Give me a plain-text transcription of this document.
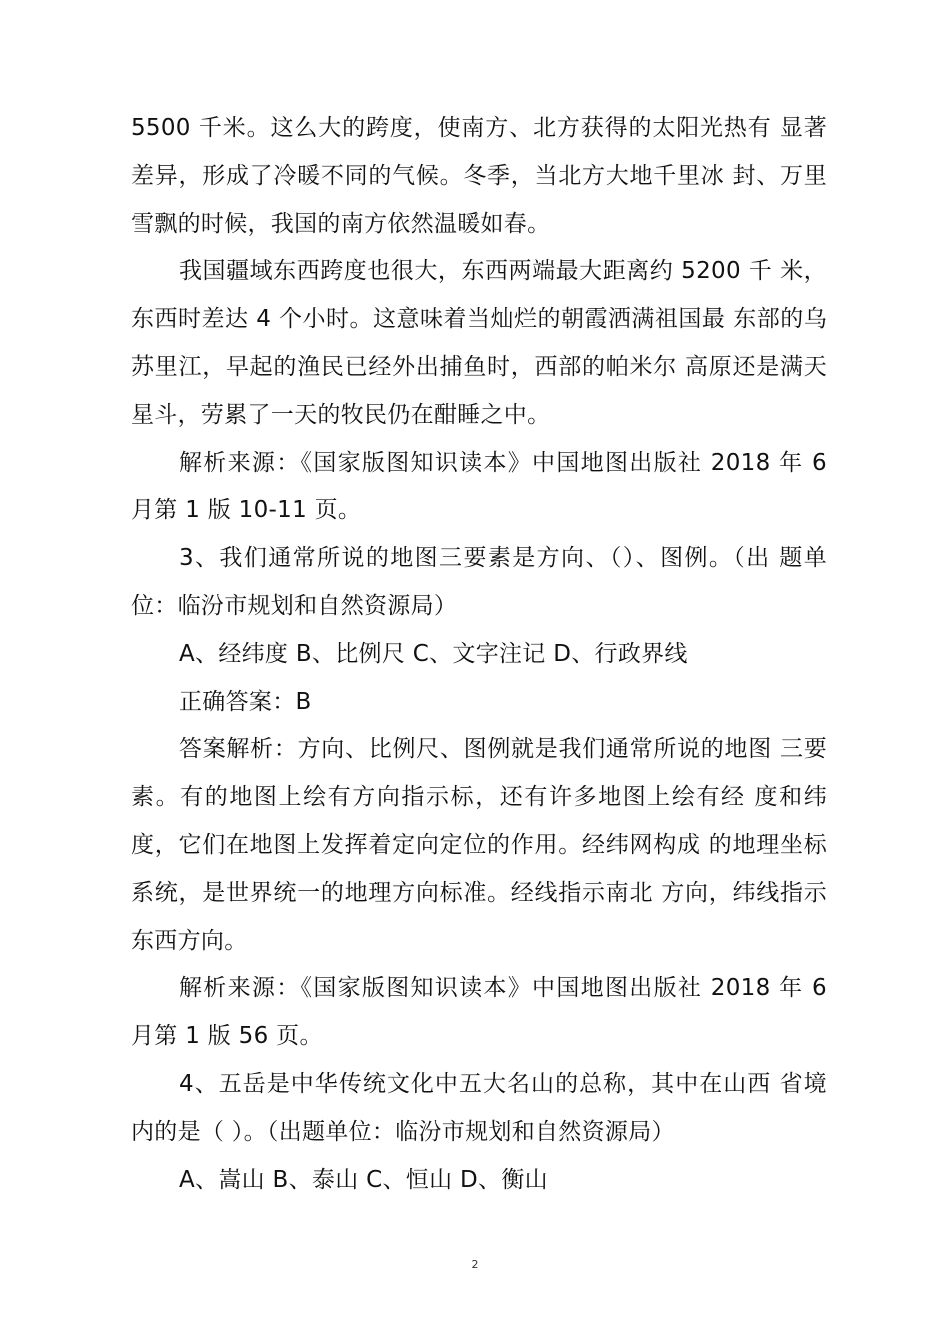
5500 千米。这么大的跨度，使南方、北方获得的太阳光热有 显著差异，形成了冷暖不同的气候。冬季，当北方大地千里冰 封、万里雪飘的时候，我国的南方依然温暖如春。

我国疆域东西跨度也很大，东西两端最大距离约 5200 千 米，东西时差达 4 个小时。这意味着当灿烂的朝霞洒满祖国最 东部的乌苏里江，早起的渔民已经外出捕鱼时，西部的帕米尔 高原还是满天星斗，劳累了一天的牧民仍在酣睡之中。

解析来源：《国家版图知识读本》中国地图出版社 2018 年 6 月第 1 版 10-11 页。

3、我们通常所说的地图三要素是方向、（）、图例。（出 题单位：临汾市规划和自然资源局）

A、经纬度 B、比例尺 C、文字注记 D、行政界线

正确答案：B

答案解析：方向、比例尺、图例就是我们通常所说的地图 三要素。有的地图上绘有方向指示标，还有许多地图上绘有经 度和纬度，它们在地图上发挥着定向定位的作用。经纬网构成 的地理坐标系统，是世界统一的地理方向标准。经线指示南北 方向，纬线指示东西方向。

解析来源：《国家版图知识读本》中国地图出版社 2018 年 6 月第 1 版 56 页。

4、五岳是中华传统文化中五大名山的总称，其中在山西 省境内的是（ ）。（出题单位：临汾市规划和自然资源局）

A、嵩山 B、泰山 C、恒山 D、衡山

2
